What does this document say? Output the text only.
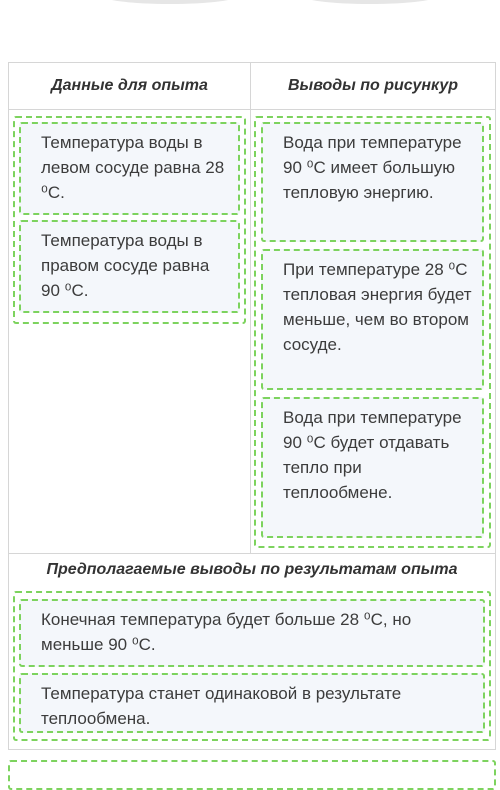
Данные для опыта	Выводы по рисункур
Температура воды в левом сосуде равна 28 ⁰С.
Температура воды в правом сосуде равна 90 ⁰С.
Вода при температуре 90 ⁰С имеет большую тепловую энергию.
При температуре 28 ⁰С тепловая энергия будет меньше, чем во втором сосуде.
Вода при температуре 90 ⁰С будет отдавать тепло при теплообмене.
Предполагаемые выводы по результатам опыта
Конечная температура будет больше 28 ⁰С, но меньше 90 ⁰С.
Температура станет одинаковой в результате теплообмена.
